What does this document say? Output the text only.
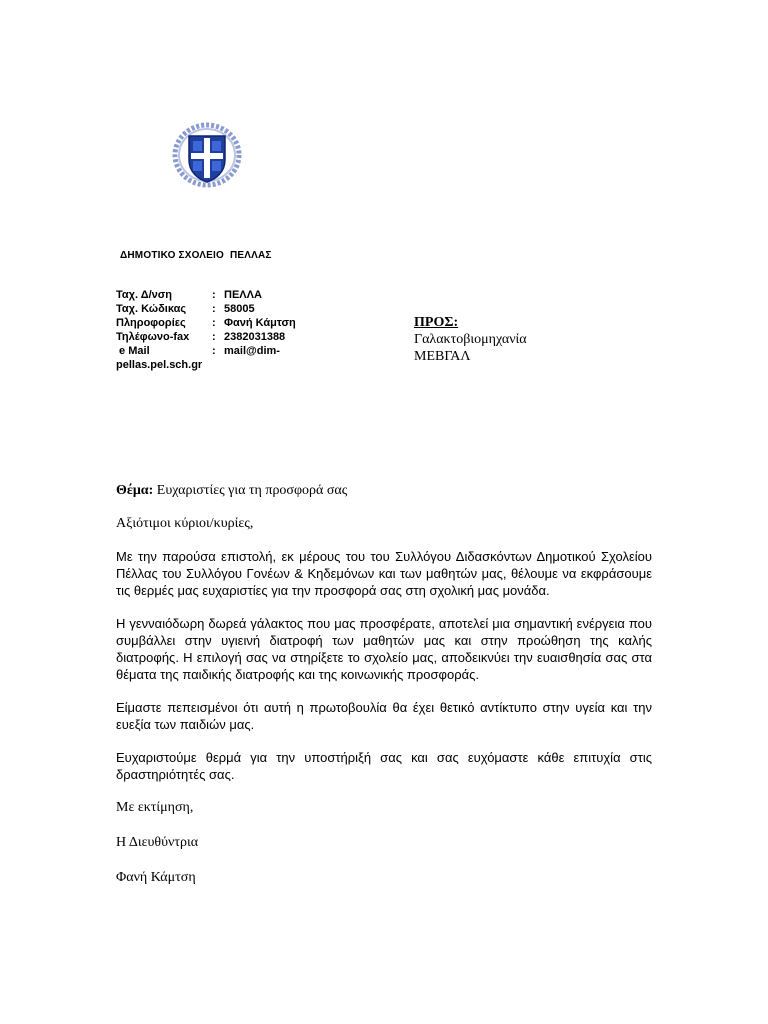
ΔΗΜΟΤΙΚΟ ΣΧΟΛΕΙΟ  ΠΕΛΛΑΣ
Ταχ. Δ/νση	: ΠΕΛΛΑ
Ταχ. Κώδικας : 58005
Πληροφορίες : Φανή Κάμτση
Τηλέφωνο-fax : 2382031388
e Mail	: mail@dim-
pellas.pel.sch.gr
ΠΡΟΣ:
Γαλακτοβιομηχανία
ΜΕΒΓΑΛ
Θέμα: Ευχαριστίες για τη προσφορά σας

Αξιότιμοι κύριοι/κυρίες,

Με την παρούσα επιστολή, εκ μέρους του του Συλλόγου Διδασκόντων Δημοτικού Σχολείου Πέλλας του Συλλόγου Γονέων & Κηδεμόνων και των μαθητών μας, θέλουμε να εκφράσουμε τις θερμές μας ευχαριστίες για την προσφορά σας στη σχολική μας μονάδα.

Η γενναιόδωρη δωρεά γάλακτος που μας προσφέρατε, αποτελεί μια σημαντική ενέργεια που συμβάλλει στην υγιεινή διατροφή των μαθητών μας και στην προώθηση της καλής διατροφής. Η επιλογή σας να στηρίξετε το σχολείο μας, αποδεικνύει την ευαισθησία σας στα θέματα της παιδικής διατροφής και της κοινωνικής προσφοράς.

Είμαστε πεπεισμένοι ότι αυτή η πρωτοβουλία θα έχει θετικό αντίκτυπο στην υγεία και την ευεξία των παιδιών μας.

Ευχαριστούμε θερμά για την υποστήριξή σας και σας ευχόμαστε κάθε επιτυχία στις δραστηριότητές σας.

Με εκτίμηση,

Η Διευθύντρια

Φανή Κάμτση
